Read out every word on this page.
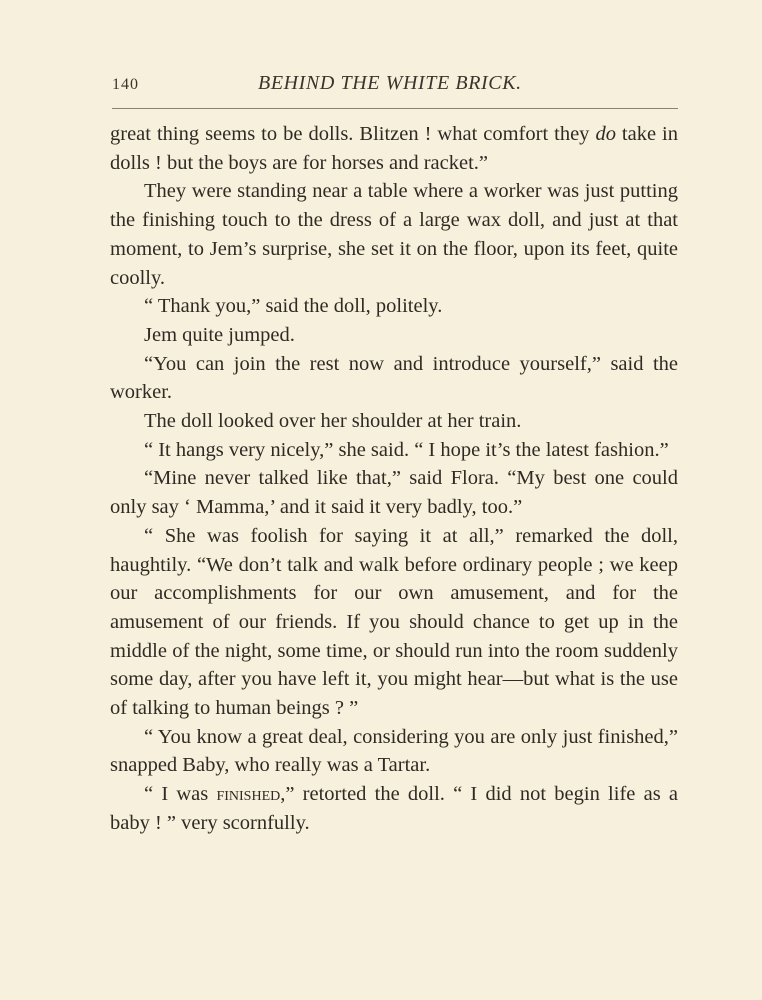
140	BEHIND THE WHITE BRICK.

great thing seems to be dolls. Blitzen ! what comfort they do take in dolls ! but the boys are for horses and racket.”

They were standing near a table where a worker was just putting the finishing touch to the dress of a large wax doll, and just at that moment, to Jem’s surprise, she set it on the floor, upon its feet, quite coolly.

“ Thank you,” said the doll, politely.

Jem quite jumped.

“You can join the rest now and introduce yourself,” said the worker.

The doll looked over her shoulder at her train.

“ It hangs very nicely,” she said. “ I hope it’s the latest fashion.”

“Mine never talked like that,” said Flora. “My best one could only say ‘ Mamma,’ and it said it very badly, too.”

“ She was foolish for saying it at all,” remarked the doll, haughtily. “We don’t talk and walk before ordinary people ; we keep our accomplishments for our own amusement, and for the amusement of our friends. If you should chance to get up in the middle of the night, some time, or should run into the room suddenly some day, after you have left it, you might hear—but what is the use of talking to human beings ? ”

“ You know a great deal, considering you are only just finished,” snapped Baby, who really was a Tartar.

“ I was finished,” retorted the doll. “ I did not begin life as a baby ! ” very scornfully.
